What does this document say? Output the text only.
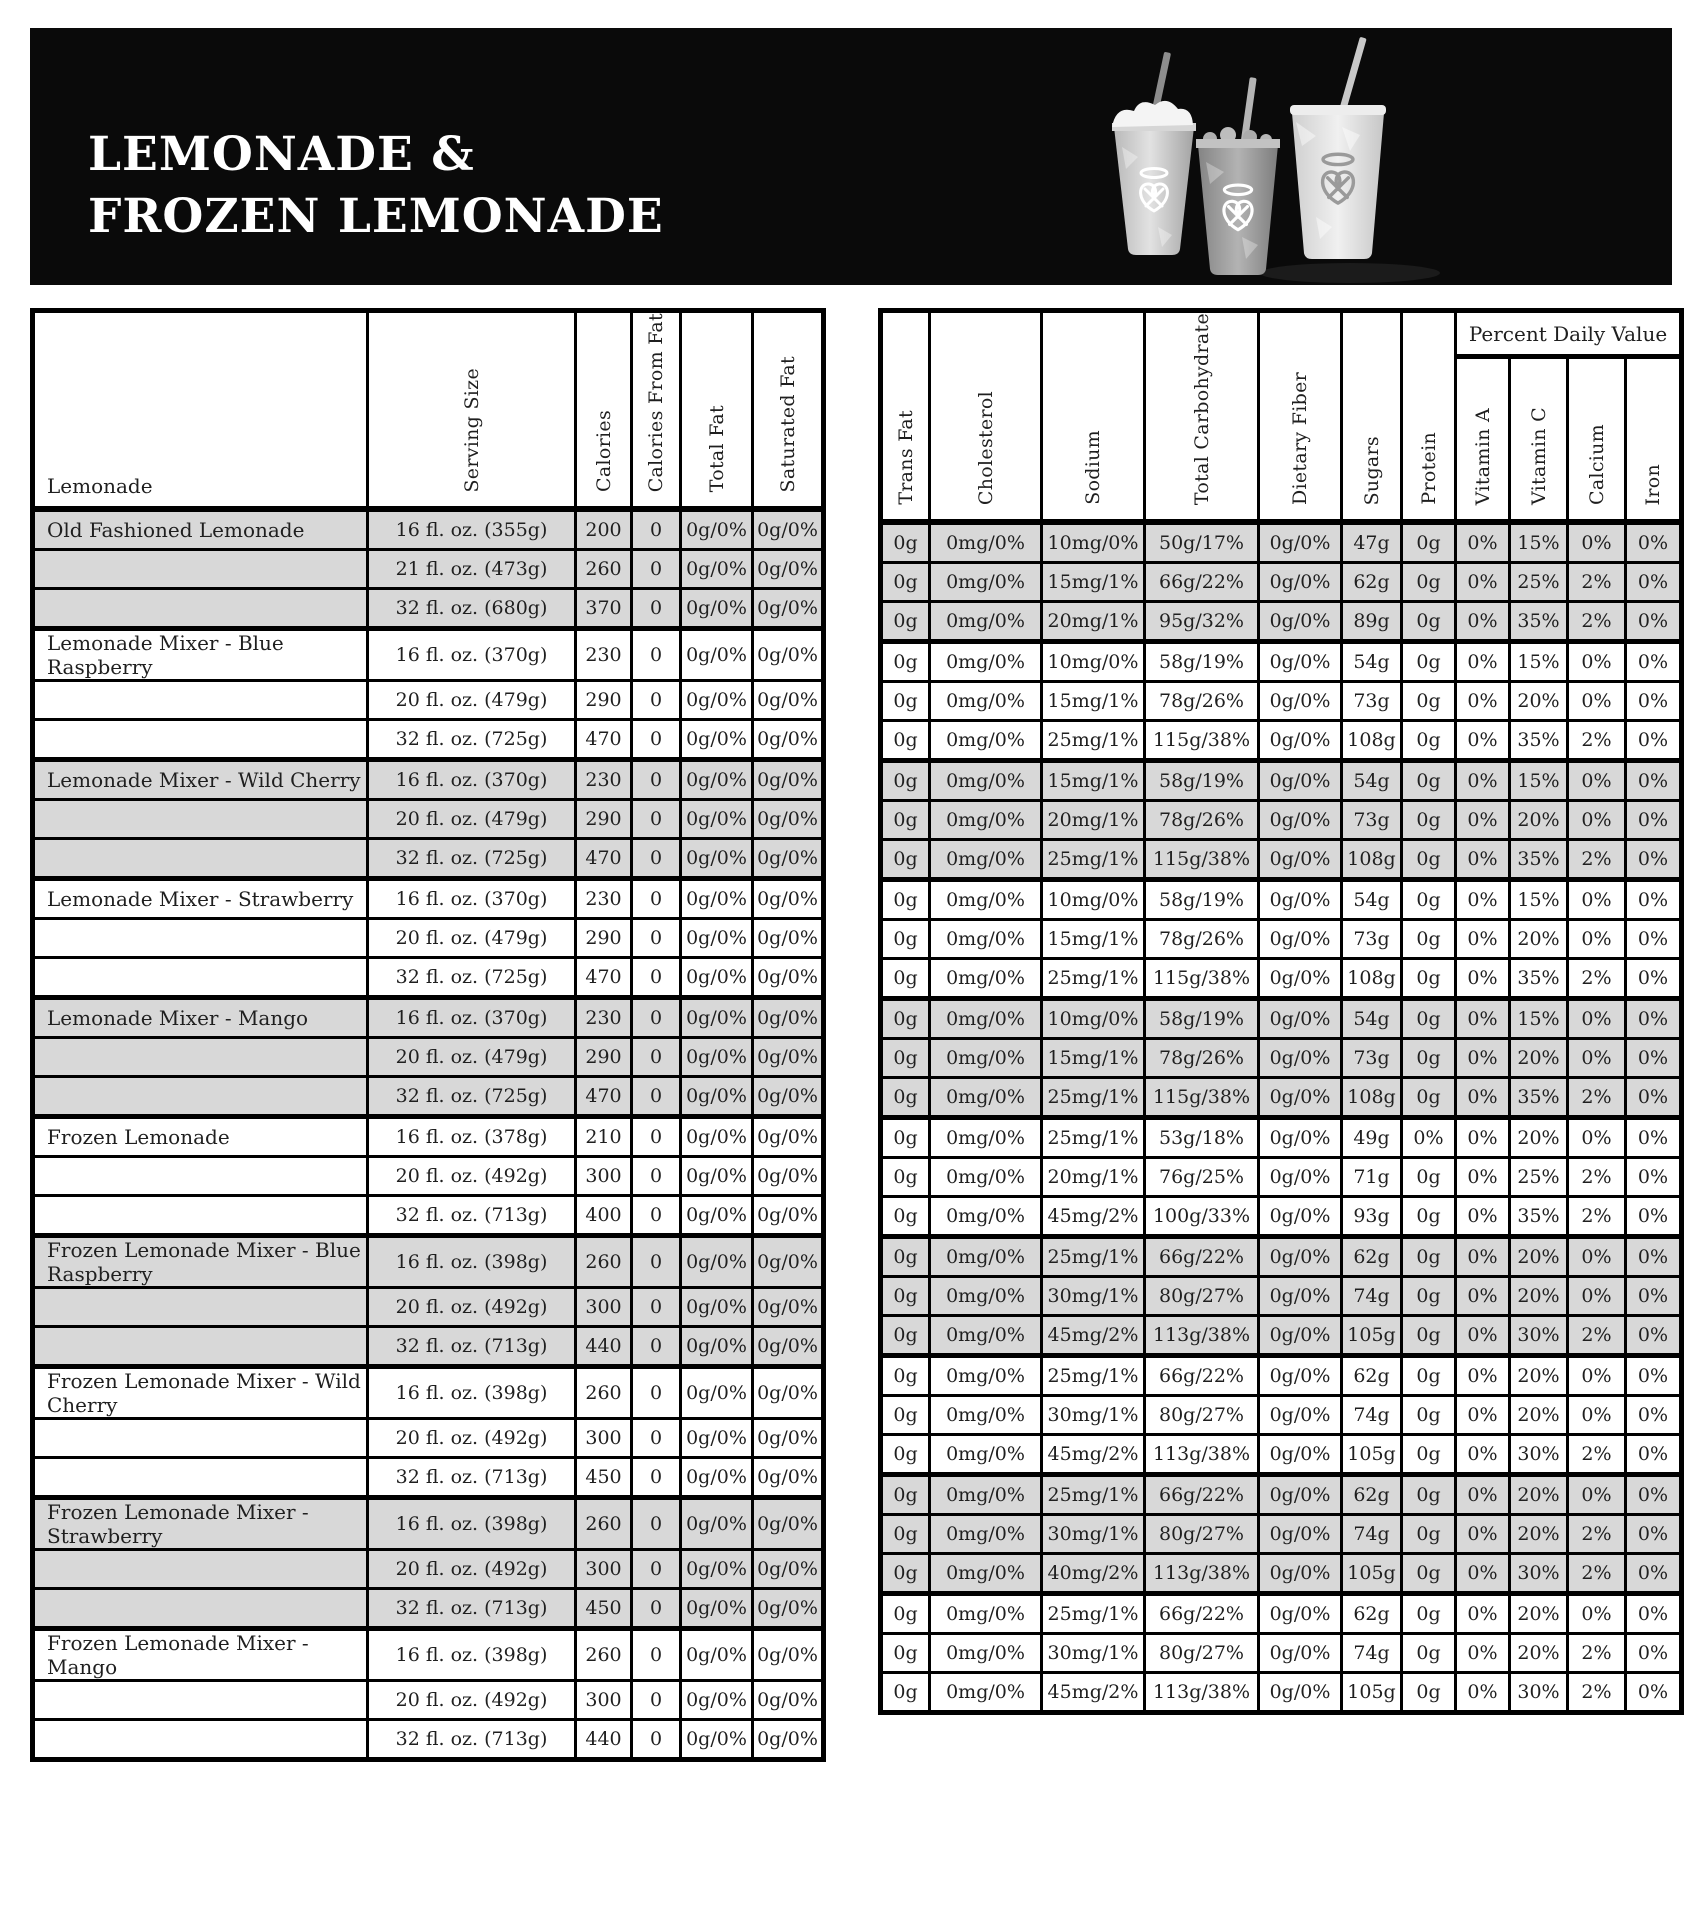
LEMONADE &
FROZEN LEMONADE
Lemonade	Serving Size	Calories	Calories From Fat	Total Fat	Saturated Fat
Old Fashioned Lemonade	16 fl. oz. (355g)	200	0	0g/0%	0g/0%
	21 fl. oz. (473g)	260	0	0g/0%	0g/0%
	32 fl. oz. (680g)	370	0	0g/0%	0g/0%
Lemonade Mixer - Blue Raspberry	16 fl. oz. (370g)	230	0	0g/0%	0g/0%
	20 fl. oz. (479g)	290	0	0g/0%	0g/0%
	32 fl. oz. (725g)	470	0	0g/0%	0g/0%
Lemonade Mixer - Wild Cherry	16 fl. oz. (370g)	230	0	0g/0%	0g/0%
	20 fl. oz. (479g)	290	0	0g/0%	0g/0%
	32 fl. oz. (725g)	470	0	0g/0%	0g/0%
Lemonade Mixer - Strawberry	16 fl. oz. (370g)	230	0	0g/0%	0g/0%
	20 fl. oz. (479g)	290	0	0g/0%	0g/0%
	32 fl. oz. (725g)	470	0	0g/0%	0g/0%
Lemonade Mixer - Mango	16 fl. oz. (370g)	230	0	0g/0%	0g/0%
	20 fl. oz. (479g)	290	0	0g/0%	0g/0%
	32 fl. oz. (725g)	470	0	0g/0%	0g/0%
Frozen Lemonade	16 fl. oz. (378g)	210	0	0g/0%	0g/0%
	20 fl. oz. (492g)	300	0	0g/0%	0g/0%
	32 fl. oz. (713g)	400	0	0g/0%	0g/0%
Frozen Lemonade Mixer - Blue Raspberry	16 fl. oz. (398g)	260	0	0g/0%	0g/0%
	20 fl. oz. (492g)	300	0	0g/0%	0g/0%
	32 fl. oz. (713g)	440	0	0g/0%	0g/0%
Frozen Lemonade Mixer - Wild Cherry	16 fl. oz. (398g)	260	0	0g/0%	0g/0%
	20 fl. oz. (492g)	300	0	0g/0%	0g/0%
	32 fl. oz. (713g)	450	0	0g/0%	0g/0%
Frozen Lemonade Mixer - Strawberry	16 fl. oz. (398g)	260	0	0g/0%	0g/0%
	20 fl. oz. (492g)	300	0	0g/0%	0g/0%
	32 fl. oz. (713g)	450	0	0g/0%	0g/0%
Frozen Lemonade Mixer - Mango	16 fl. oz. (398g)	260	0	0g/0%	0g/0%
	20 fl. oz. (492g)	300	0	0g/0%	0g/0%
	32 fl. oz. (713g)	440	0	0g/0%	0g/0%
Trans Fat	Cholesterol	Sodium	Total Carbohydrate	Dietary Fiber	Sugars	Protein	Percent Daily Value			
							Vitamin A	Vitamin C	Calcium	Iron
0g	0mg/0%	10mg/0%	50g/17%	0g/0%	47g	0g	0%	15%	0%	0%
0g	0mg/0%	15mg/1%	66g/22%	0g/0%	62g	0g	0%	25%	2%	0%
0g	0mg/0%	20mg/1%	95g/32%	0g/0%	89g	0g	0%	35%	2%	0%
0g	0mg/0%	10mg/0%	58g/19%	0g/0%	54g	0g	0%	15%	0%	0%
0g	0mg/0%	15mg/1%	78g/26%	0g/0%	73g	0g	0%	20%	0%	0%
0g	0mg/0%	25mg/1%	115g/38%	0g/0%	108g	0g	0%	35%	2%	0%
0g	0mg/0%	15mg/1%	58g/19%	0g/0%	54g	0g	0%	15%	0%	0%
0g	0mg/0%	20mg/1%	78g/26%	0g/0%	73g	0g	0%	20%	0%	0%
0g	0mg/0%	25mg/1%	115g/38%	0g/0%	108g	0g	0%	35%	2%	0%
0g	0mg/0%	10mg/0%	58g/19%	0g/0%	54g	0g	0%	15%	0%	0%
0g	0mg/0%	15mg/1%	78g/26%	0g/0%	73g	0g	0%	20%	0%	0%
0g	0mg/0%	25mg/1%	115g/38%	0g/0%	108g	0g	0%	35%	2%	0%
0g	0mg/0%	10mg/0%	58g/19%	0g/0%	54g	0g	0%	15%	0%	0%
0g	0mg/0%	15mg/1%	78g/26%	0g/0%	73g	0g	0%	20%	0%	0%
0g	0mg/0%	25mg/1%	115g/38%	0g/0%	108g	0g	0%	35%	2%	0%
0g	0mg/0%	25mg/1%	53g/18%	0g/0%	49g	0%	0%	20%	0%	0%
0g	0mg/0%	20mg/1%	76g/25%	0g/0%	71g	0g	0%	25%	2%	0%
0g	0mg/0%	45mg/2%	100g/33%	0g/0%	93g	0g	0%	35%	2%	0%
0g	0mg/0%	25mg/1%	66g/22%	0g/0%	62g	0g	0%	20%	0%	0%
0g	0mg/0%	30mg/1%	80g/27%	0g/0%	74g	0g	0%	20%	0%	0%
0g	0mg/0%	45mg/2%	113g/38%	0g/0%	105g	0g	0%	30%	2%	0%
0g	0mg/0%	25mg/1%	66g/22%	0g/0%	62g	0g	0%	20%	0%	0%
0g	0mg/0%	30mg/1%	80g/27%	0g/0%	74g	0g	0%	20%	0%	0%
0g	0mg/0%	45mg/2%	113g/38%	0g/0%	105g	0g	0%	30%	2%	0%
0g	0mg/0%	25mg/1%	66g/22%	0g/0%	62g	0g	0%	20%	0%	0%
0g	0mg/0%	30mg/1%	80g/27%	0g/0%	74g	0g	0%	20%	2%	0%
0g	0mg/0%	40mg/2%	113g/38%	0g/0%	105g	0g	0%	30%	2%	0%
0g	0mg/0%	25mg/1%	66g/22%	0g/0%	62g	0g	0%	20%	0%	0%
0g	0mg/0%	30mg/1%	80g/27%	0g/0%	74g	0g	0%	20%	2%	0%
0g	0mg/0%	45mg/2%	113g/38%	0g/0%	105g	0g	0%	30%	2%	0%
